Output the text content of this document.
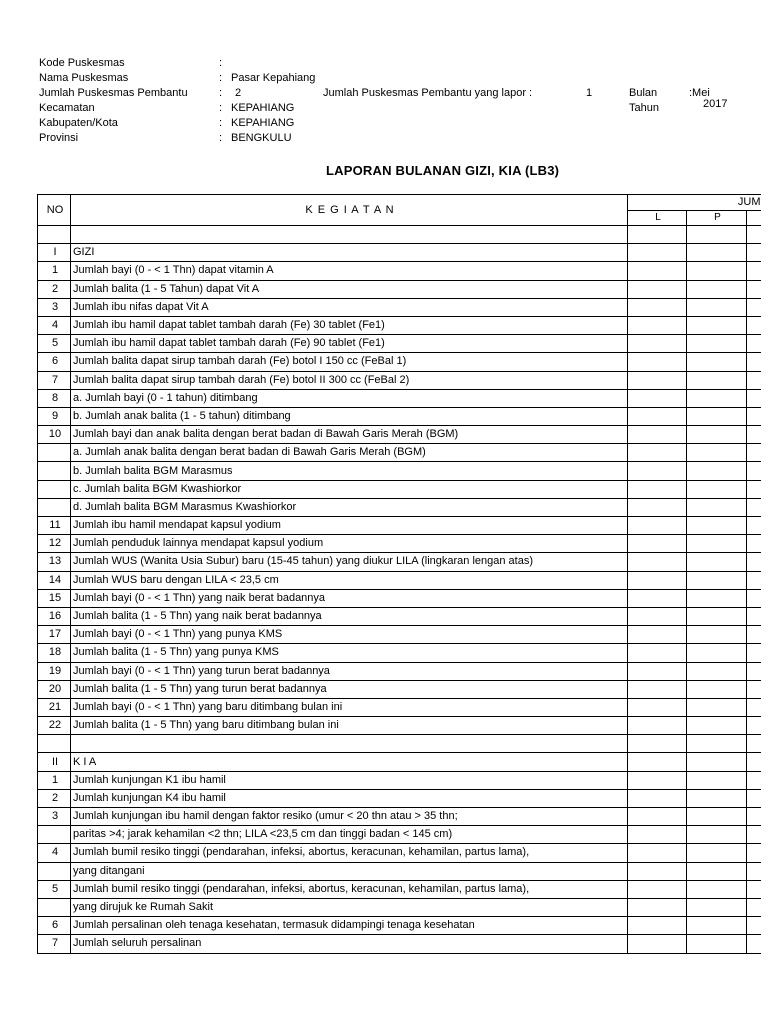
Kode Puskesmas	:
Nama Puskesmas	: Pasar Kepahiang
Jumlah Puskesmas Pembantu	: 2	Jumlah Puskesmas Pembantu yang lapor :	1	Bulan	:Mei
Kecamatan	: KEPAHIANG	Tahun	2017
Kabupaten/Kota	: KEPAHIANG
Provinsi	: BENGKULU
LAPORAN BULANAN GIZI, KIA (LB3)
NO	K E G I A T A N	JUM		
		L	P	

I	GIZI			
1	Jumlah bayi (0 - < 1 Thn) dapat vitamin A			
2	Jumlah balita (1 - 5 Tahun) dapat Vit A			
3	Jumlah ibu nifas dapat Vit A			
4	Jumlah ibu hamil dapat tablet tambah darah (Fe) 30 tablet (Fe1)			
5	Jumlah ibu hamil dapat tablet tambah darah (Fe) 90 tablet (Fe1)			
6	Jumlah balita dapat sirup tambah darah (Fe) botol I 150 cc (FeBal 1)			
7	Jumlah balita dapat sirup tambah darah (Fe) botol II 300 cc (FeBal 2)			
8	a. Jumlah bayi (0 - 1 tahun) ditimbang			
9	b. Jumlah anak balita (1 - 5 tahun) ditimbang			
10	Jumlah bayi dan anak balita dengan berat badan di Bawah Garis Merah (BGM)			
	a. Jumlah anak balita dengan berat badan di Bawah Garis Merah (BGM)			
	b. Jumlah balita BGM Marasmus			
	c. Jumlah balita BGM Kwashiorkor			
	d. Jumlah balita BGM Marasmus Kwashiorkor			
11	Jumlah ibu hamil mendapat kapsul yodium			
12	Jumlah penduduk lainnya mendapat kapsul yodium			
13	Jumlah WUS (Wanita Usia Subur) baru (15-45 tahun) yang diukur LILA (lingkaran lengan atas)			
14	Jumlah WUS baru dengan LILA < 23,5 cm			
15	Jumlah bayi (0 - < 1 Thn) yang naik berat badannya			
16	Jumlah balita (1 - 5 Thn) yang naik berat badannya			
17	Jumlah bayi (0 - < 1 Thn) yang punya KMS			
18	Jumlah balita (1 - 5 Thn) yang punya KMS			
19	Jumlah bayi (0 - < 1 Thn) yang turun berat badannya			
20	Jumlah balita (1 - 5 Thn) yang turun berat badannya			
21	Jumlah bayi (0 - < 1 Thn) yang baru ditimbang bulan ini			
22	Jumlah balita (1 - 5 Thn) yang baru ditimbang bulan ini			

II	K I A			
1	Jumlah kunjungan K1 ibu hamil			
2	Jumlah kunjungan K4 ibu hamil			
3	Jumlah kunjungan ibu hamil dengan faktor resiko (umur < 20 thn atau > 35 thn;			
	paritas >4; jarak kehamilan <2 thn; LILA <23,5 cm dan tinggi badan < 145 cm)			
4	Jumlah bumil resiko tinggi (pendarahan, infeksi, abortus, keracunan, kehamilan, partus lama),			
	yang ditangani			
5	Jumlah bumil resiko tinggi (pendarahan, infeksi, abortus, keracunan, kehamilan, partus lama),			
	yang dirujuk ke Rumah Sakit			
6	Jumlah persalinan oleh tenaga kesehatan, termasuk didampingi tenaga kesehatan			
7	Jumlah seluruh persalinan			
